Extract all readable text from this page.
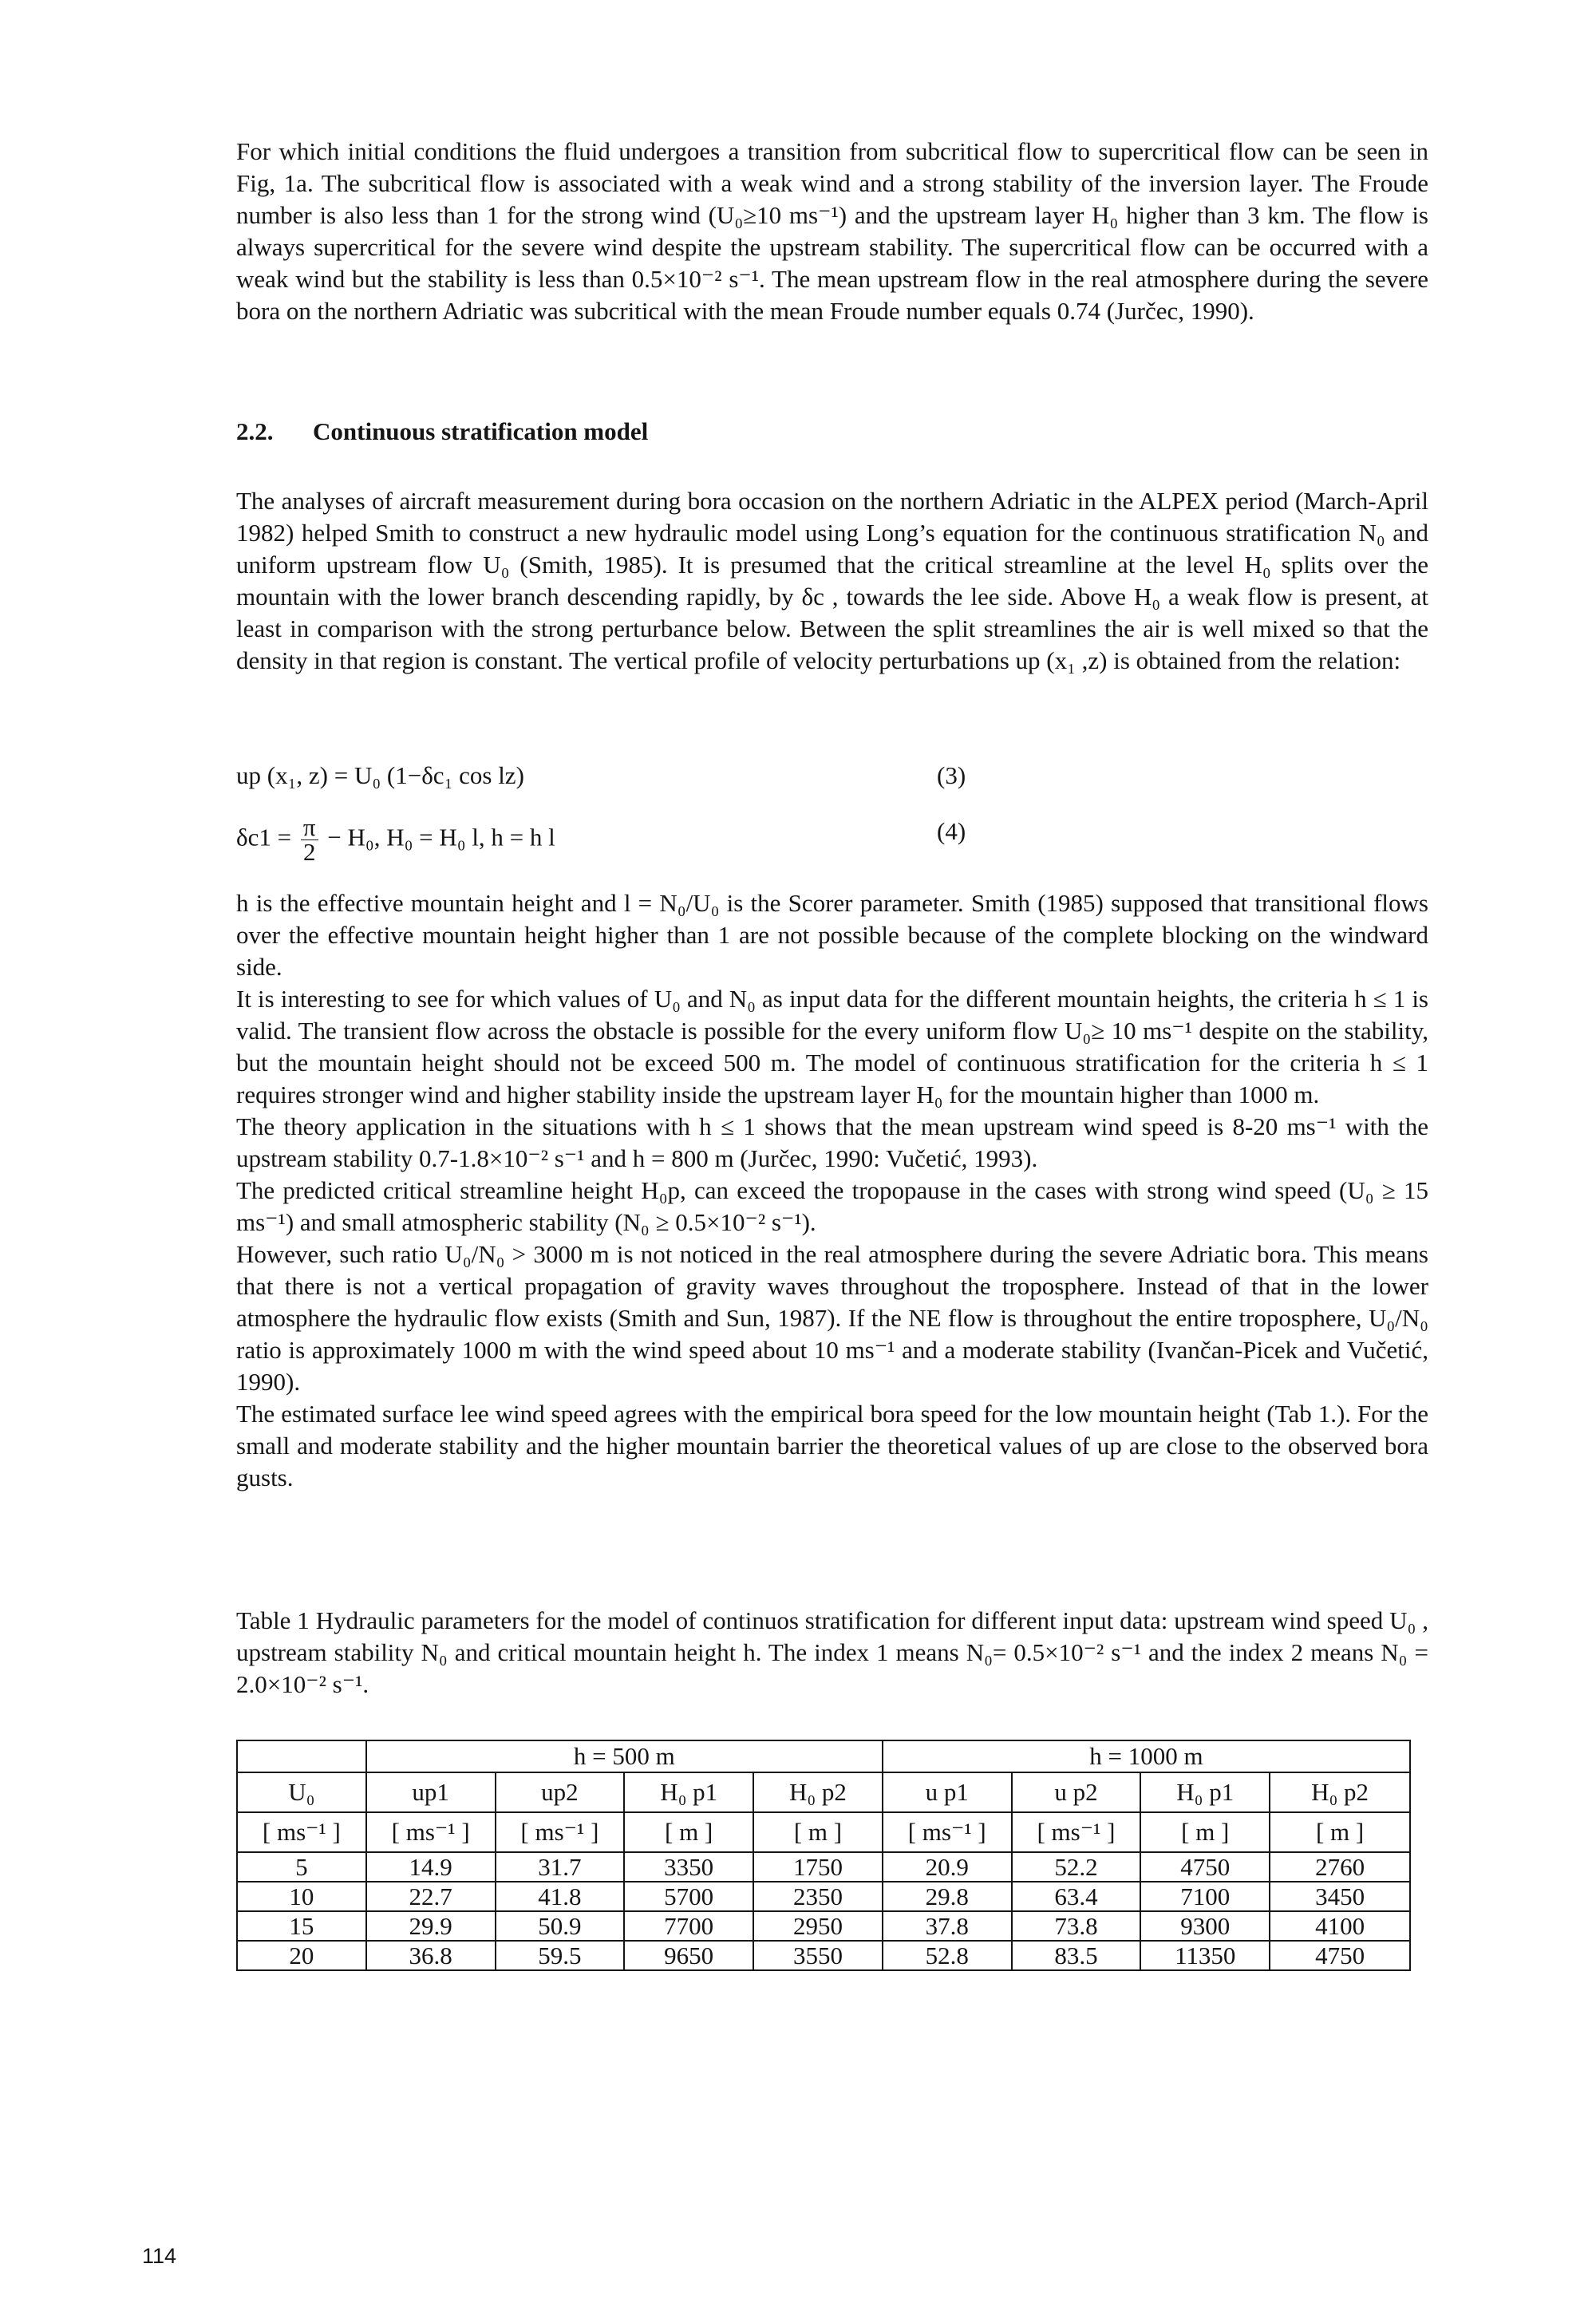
For which initial conditions the fluid undergoes a transition from subcritical flow to supercritical flow can be seen in Fig, 1a. The subcritical flow is associated with a weak wind and a strong stability of the inversion layer. The Froude number is also less than 1 for the strong wind (U₀≥10 ms⁻¹) and the upstream layer H₀ higher than 3 km. The flow is always supercritical for the severe wind despite the upstream stability. The supercritical flow can be occurred with a weak wind but the stability is less than 0.5×10⁻² s⁻¹. The mean upstream flow in the real atmosphere during the severe bora on the northern Adriatic was subcritical with the mean Froude number equals 0.74 (Jurčec, 1990).

2.2. Continuous stratification model

The analyses of aircraft measurement during bora occasion on the northern Adriatic in the ALPEX period (March-April 1982) helped Smith to construct a new hydraulic model using Long’s equation for the continuous stratification N₀ and uniform upstream flow U₀ (Smith, 1985). It is presumed that the critical streamline at the level H₀ splits over the mountain with the lower branch descending rapidly, by δc , towards the lee side. Above H₀ a weak flow is present, at least in comparison with the strong perturbance below. Between the split streamlines the air is well mixed so that the density in that region is constant. The vertical profile of velocity perturbations up (x₁ ,z) is obtained from the relation:

up (x₁, z) = U₀ (1−δc₁ cos lz)	(3)
$\delta c1 = \frac{\pi}{2} - H_0$, H₀ = H₀ l, h = h l	(4)

h is the effective mountain height and l = N₀/U₀ is the Scorer parameter. Smith (1985) supposed that transitional flows over the effective mountain height higher than 1 are not possible because of the complete blocking on the windward side.

It is interesting to see for which values of U₀ and N₀ as input data for the different mountain heights, the criteria h ≤ 1 is valid. The transient flow across the obstacle is possible for the every uniform flow U₀≥ 10 ms⁻¹ despite on the stability, but the mountain height should not be exceed 500 m. The model of continuous stratification for the criteria h ≤ 1 requires stronger wind and higher stability inside the upstream layer H₀ for the mountain higher than 1000 m.

The theory application in the situations with h ≤ 1 shows that the mean upstream wind speed is 8-20 ms⁻¹ with the upstream stability 0.7-1.8×10⁻² s⁻¹ and h = 800 m (Jurčec, 1990: Vučetić, 1993).

The predicted critical streamline height H₀p, can exceed the tropopause in the cases with strong wind speed (U₀ ≥ 15 ms⁻¹) and small atmospheric stability (N₀ ≥ 0.5×10⁻² s⁻¹).

However, such ratio U₀/N₀ > 3000 m is not noticed in the real atmosphere during the severe Adriatic bora. This means that there is not a vertical propagation of gravity waves throughout the troposphere. Instead of that in the lower atmosphere the hydraulic flow exists (Smith and Sun, 1987). If the NE flow is throughout the entire troposphere, U₀/N₀ ratio is approximately 1000 m with the wind speed about 10 ms⁻¹ and a moderate stability (Ivančan-Picek and Vučetić, 1990).

The estimated surface lee wind speed agrees with the empirical bora speed for the low mountain height (Tab 1.). For the small and moderate stability and the higher mountain barrier the theoretical values of up are close to the observed bora gusts.

Table 1 Hydraulic parameters for the model of continuos stratification for different input data: upstream wind speed U₀ , upstream stability N₀ and critical mountain height h. The index 1 means N₀= 0.5×10⁻² s⁻¹ and the index 2 means N₀ = 2.0×10⁻² s⁻¹.
	h = 500 m				h = 1000 m			
U₀	up1	up2	H₀ p1	H₀ p2	u p1	u p2	H₀ p1	H₀ p2
[ ms⁻¹ ]	[ ms⁻¹ ]	[ ms⁻¹ ]	[ m ]	[ m ]	[ ms⁻¹ ]	[ ms⁻¹ ]	[ m ]	[ m ]
5	14.9	31.7	3350	1750	20.9	52.2	4750	2760
10	22.7	41.8	5700	2350	29.8	63.4	7100	3450
15	29.9	50.9	7700	2950	37.8	73.8	9300	4100
20	36.8	59.5	9650	3550	52.8	83.5	11350	4750
114
